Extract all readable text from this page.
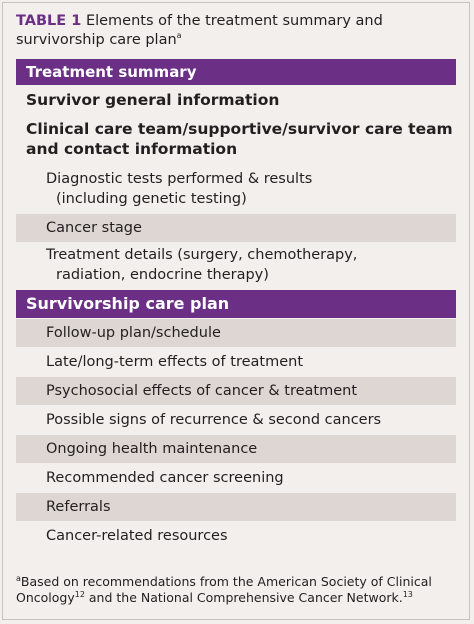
TABLE 1 Elements of the treatment summary and survivorship care plan$^a$
Treatment summary
Survivor general information
Clinical care team/supportive/survivor care team
and contact information
Diagnostic tests performed & results
(including genetic testing)
Cancer stage
Treatment details (surgery, chemotherapy,
radiation, endocrine therapy)
Survivorship care plan
Follow-up plan/schedule
Late/long-term effects of treatment
Psychosocial effects of cancer & treatment
Possible signs of recurrence & second cancers
Ongoing health maintenance
Recommended cancer screening
Referrals
Cancer-related resources
$^a$Based on recommendations from the American Society of Clinical Oncology$^{12}$ and the National Comprehensive Cancer Network.$^{13}$
